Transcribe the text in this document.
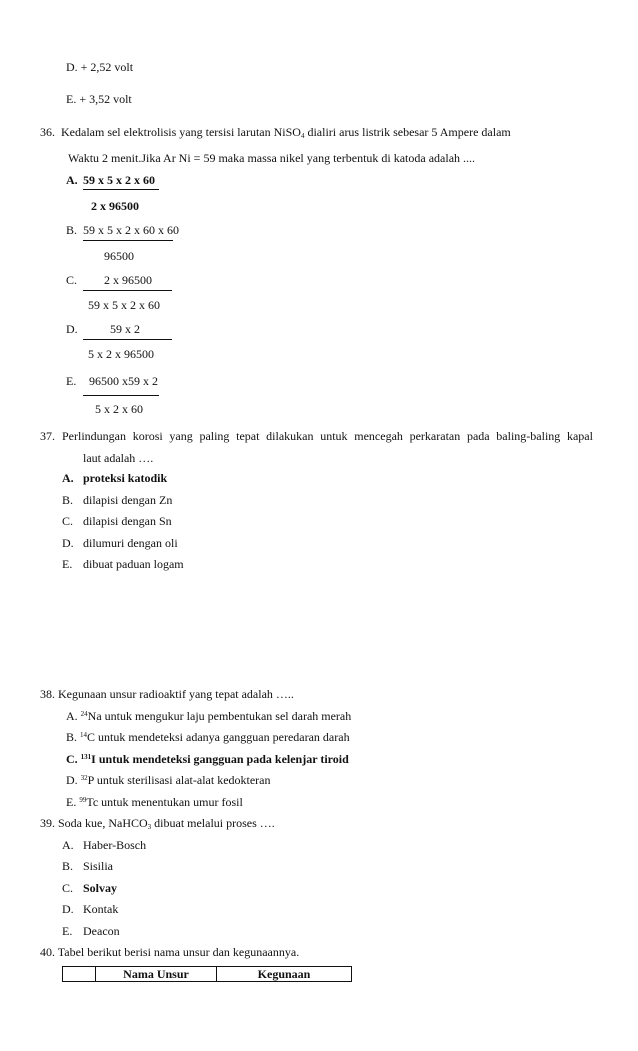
D. + 2,52 volt
E. + 3,52 volt
36. Kedalam sel elektrolisis yang tersisi larutan NiSO$_4$ dialiri arus listrik sebesar 5 Ampere dalam
Waktu 2 menit.Jika Ar Ni = 59 maka massa nikel yang terbentuk di katoda adalah ....
A. 59 x 5 x 2 x 60
2 x 96500
B. 59 x 5 x 2 x 60 x 60
96500
C. 2 x 96500
59 x 5 x 2 x 60
D.	59 x 2
5 x 2 x 96500
E. 96500 x59 x 2
5 x 2 x 60
37. Perlindungan korosi yang paling tepat dilakukan untuk mencegah perkaratan pada baling-baling kapal
laut adalah ….
A. proteksi katodik
B. dilapisi dengan Zn
C. dilapisi dengan Sn
D. dilumuri dengan oli
E. dibuat paduan logam
38. Kegunaan unsur radioaktif yang tepat adalah …..
A. $^{24}$Na untuk mengukur laju pembentukan sel darah merah
B. $^{14}$C untuk mendeteksi adanya gangguan peredaran darah
C. $^{131}$I untuk mendeteksi gangguan pada kelenjar tiroid
D. $^{32}$P untuk sterilisasi alat-alat kedokteran
E. $^{99}$Tc untuk menentukan umur fosil
39. Soda kue, NaHCO$_3$ dibuat melalui proses ….
A. Haber-Bosch
B. Sisilia
C. Solvay
D. Kontak
E. Deacon
40. Tabel berikut berisi nama unsur dan kegunaannya.
	Nama Unsur	Kegunaan
